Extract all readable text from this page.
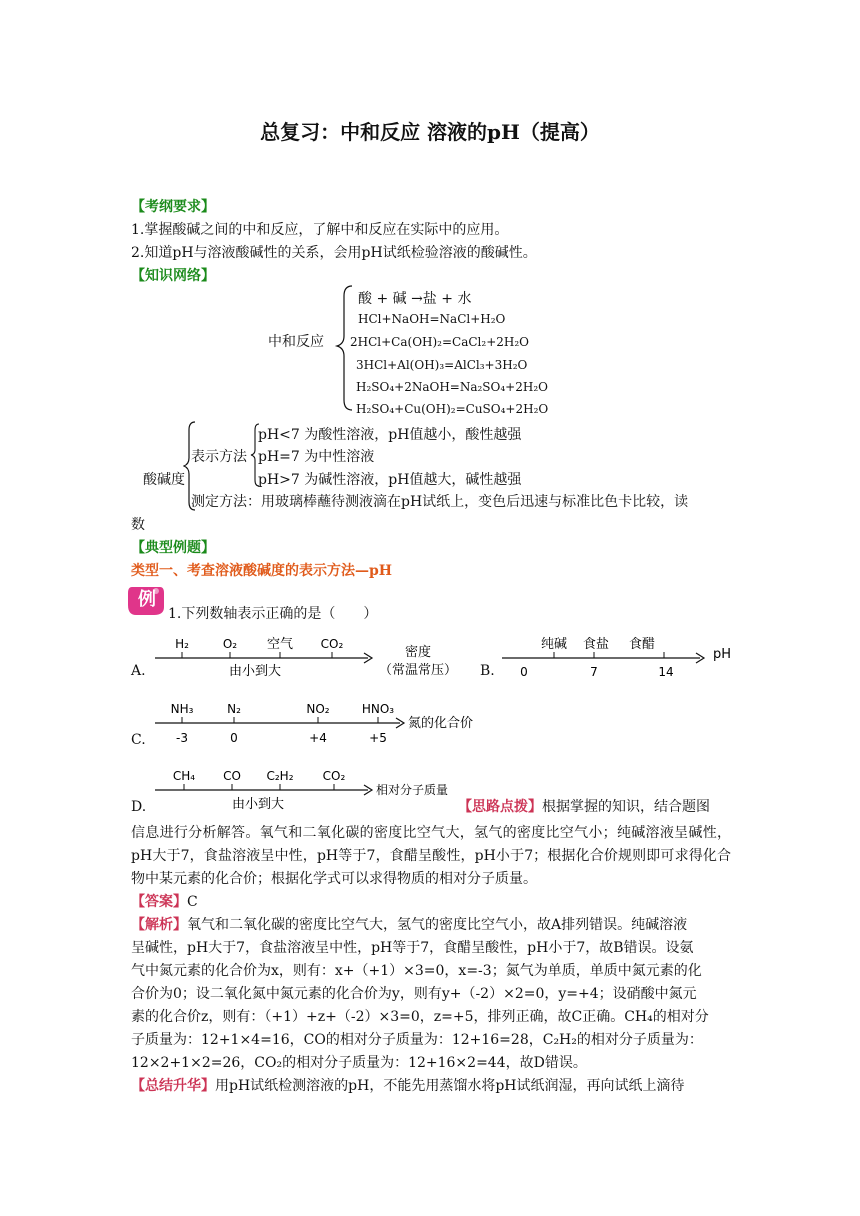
总复习：中和反应 溶液的pH（提高）
【考纲要求】
1.掌握酸碱之间的中和反应，了解中和反应在实际中的应用。
2.知道pH与溶液酸碱性的关系，会用pH试纸检验溶液的酸碱性。
【知识网络】
中和反应
酸 + 碱 →盐 + 水
HCl+NaOH=NaCl+H₂O
2HCl+Ca(OH)₂=CaCl₂+2H₂O
3HCl+Al(OH)₃=AlCl₃+3H₂O
H₂SO₄+2NaOH=Na₂SO₄+2H₂O
H₂SO₄+Cu(OH)₂=CuSO₄+2H₂O
酸碱度
表示方法
pH<7 为酸性溶液，pH值越小，酸性越强
pH=7 为中性溶液
pH>7 为碱性溶液，pH值越大，碱性越强
测定方法：用玻璃棒蘸待测液滴在pH试纸上，变色后迅速与标准比色卡比较，读
数
【典型例题】
类型一、考查溶液酸碱度的表示方法—pH
例
1.下列数轴表示正确的是（　　）
A.
H₂	O₂ 空气 CO₂
由小到大
密度
（常温常压） B.
纯碱 食盐 食醋
0	7	14
pH
C.
NH₃	N₂	NO₂	HNO₃
-3	0	+4	+5
氮的化合价
D.
CH₄ CO C₂H₂ CO₂
由小到大
相对分子质量
【思路点拨】根据掌握的知识，结合题图
信息进行分析解答。氧气和二氧化碳的密度比空气大，氢气的密度比空气小；纯碱溶液呈碱性，pH大于7，食盐溶液呈中性，pH等于7，食醋呈酸性，pH小于7；根据化合价规则即可求得化合物中某元素的化合价；根据化学式可以求得物质的相对分子质量。
【答案】C
【解析】氧气和二氧化碳的密度比空气大，氢气的密度比空气小，故A排列错误。纯碱溶液
呈碱性，pH大于7，食盐溶液呈中性，pH等于7，食醋呈酸性，pH小于7，故B错误。设氨
气中氮元素的化合价为x，则有：x+（+1）×3=0，x=-3；氮气为单质，单质中氮元素的化
合价为0；设二氧化氮中氮元素的化合价为y，则有y+（-2）×2=0，y=+4；设硝酸中氮元
素的化合价z，则有：（+1）+z+（-2）×3=0，z=+5，排列正确，故C正确。CH₄的相对分
子质量为：12+1×4=16，CO的相对分子质量为：12+16=28，C₂H₂的相对分子质量为：
12×2+1×2=26，CO₂的相对分子质量为：12+16×2=44，故D错误。
【总结升华】用pH试纸检测溶液的pH，不能先用蒸馏水将pH试纸润湿，再向试纸上滴待
